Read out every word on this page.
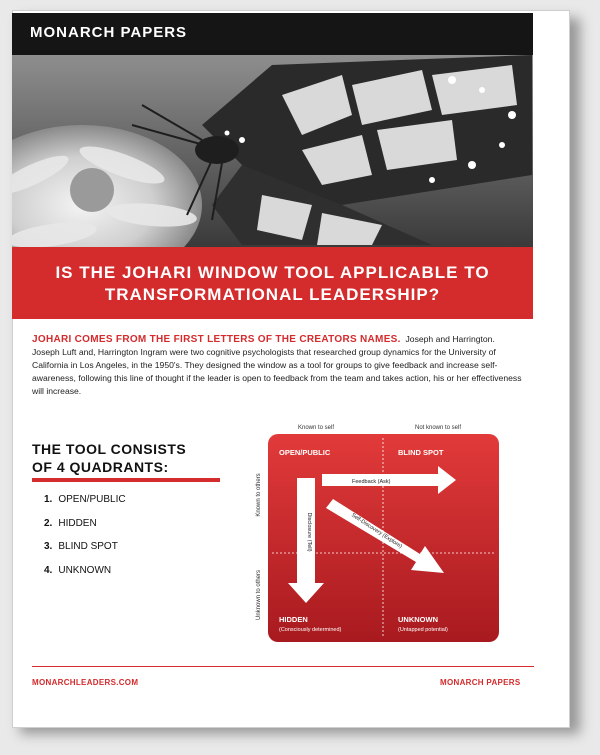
MONARCH PAPERS
IS THE JOHARI WINDOW TOOL APPLICABLE TO
TRANSFORMATIONAL LEADERSHIP?
JOHARI COMES FROM THE FIRST LETTERS OF THE CREATORS NAMES. Joseph and Harrington. Joseph Luft and, Harrington Ingram were two cognitive psychologists that researched group dynamics for the University of California in Los Angeles, in the 1950's. They designed the window as a tool for groups to give feedback and increase self-awareness, following this line of thought if the leader is open to feedback from the team and takes action, his or her effectiveness will increase.
THE TOOL CONSISTS
OF 4 QUADRANTS:
1. OPEN/PUBLIC
2. HIDDEN
3. BLIND SPOT
4. UNKNOWN
Known to self	Not known to self
Known to others
Unknown to others
OPEN/PUBLIC	BLIND SPOT
HIDDEN
(Consciously determined)
UNKNOWN
(Untapped potential)
Feedback (Ask)
Disclosure (Tell)	Self-Discovery (Explore)
MONARCHLEADERS.COM	MONARCH PAPERS
